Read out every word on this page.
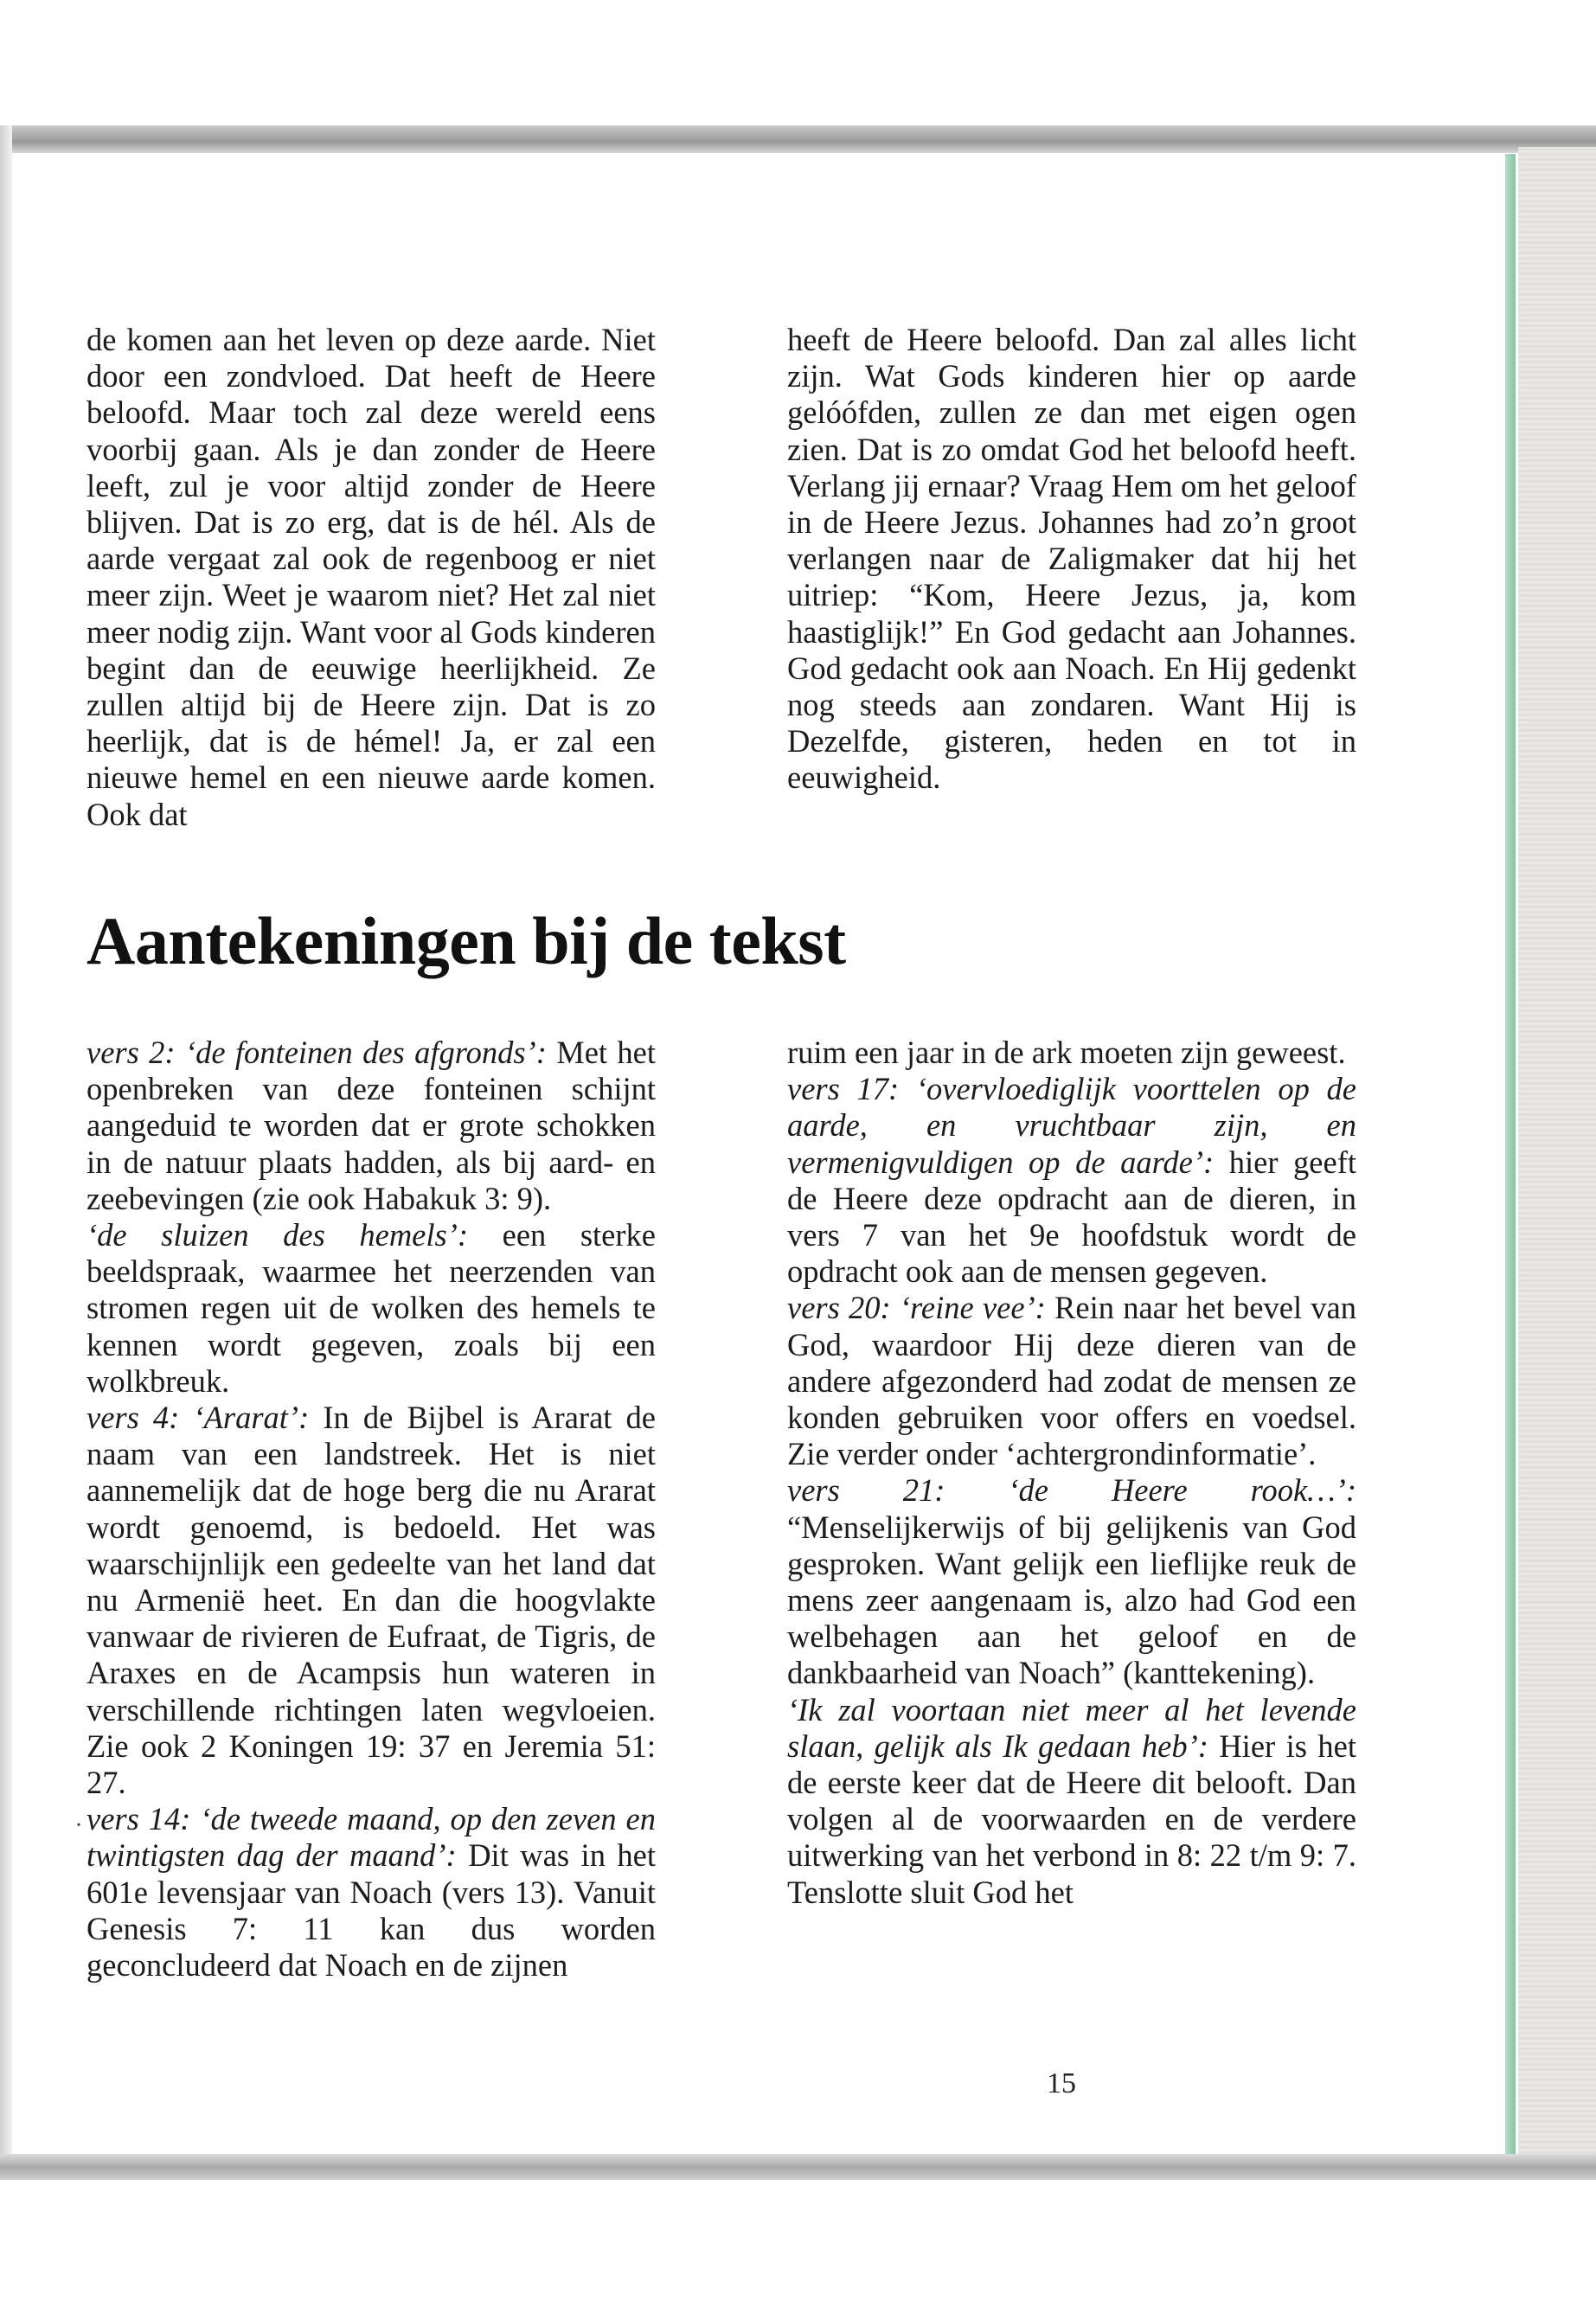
de komen aan het leven op deze aarde. Niet door een zondvloed. Dat heeft de Heere beloofd. Maar toch zal deze wereld eens voorbij gaan. Als je dan zonder de Heere leeft, zul je voor altijd zonder de Heere blijven. Dat is zo erg, dat is de hél. Als de aarde vergaat zal ook de regenboog er niet meer zijn. Weet je waarom niet? Het zal niet meer nodig zijn. Want voor al Gods kinderen begint dan de eeuwige heerlijkheid. Ze zullen altijd bij de Heere zijn. Dat is zo heerlijk, dat is de hémel! Ja, er zal een nieuwe hemel en een nieuwe aarde komen. Ook dat

heeft de Heere beloofd. Dan zal alles licht zijn. Wat Gods kinderen hier op aarde gelóófden, zullen ze dan met eigen ogen zien. Dat is zo omdat God het beloofd heeft. Verlang jij ernaar? Vraag Hem om het geloof in de Heere Jezus. Johannes had zo’n groot verlangen naar de Zaligmaker dat hij het uitriep: “Kom, Heere Jezus, ja, kom haastiglijk!” En God gedacht aan Johannes. God gedacht ook aan Noach. En Hij gedenkt nog steeds aan zondaren. Want Hij is Dezelfde, gisteren, heden en tot in eeuwigheid.

Aantekeningen bij de tekst

vers 2: ‘de fonteinen des afgronds’: Met het openbreken van deze fonteinen schijnt aangeduid te worden dat er grote schokken in de natuur plaats hadden, als bij aard- en zeebevingen (zie ook Habakuk 3: 9).

‘de sluizen des hemels’: een sterke beeldspraak, waarmee het neerzenden van stromen regen uit de wolken des hemels te kennen wordt gegeven, zoals bij een wolkbreuk.

vers 4: ‘Ararat’: In de Bijbel is Ararat de naam van een landstreek. Het is niet aannemelijk dat de hoge berg die nu Ararat wordt genoemd, is bedoeld. Het was waarschijnlijk een gedeelte van het land dat nu Armenië heet. En dan die hoogvlakte vanwaar de rivieren de Eufraat, de Tigris, de Araxes en de Acampsis hun wateren in verschillende richtingen laten wegvloeien. Zie ook 2 Koningen 19: 37 en Jeremia 51: 27.

vers 14: ‘de tweede maand, op den zeven en twintigsten dag der maand’: Dit was in het 601e levensjaar van Noach (vers 13). Vanuit Genesis 7: 11 kan dus worden geconcludeerd dat Noach en de zijnen

ruim een jaar in de ark moeten zijn geweest.

vers 17: ‘overvloediglijk voorttelen op de aarde, en vruchtbaar zijn, en vermenigvuldigen op de aarde’: hier geeft de Heere deze opdracht aan de dieren, in vers 7 van het 9e hoofdstuk wordt de opdracht ook aan de mensen gegeven.

vers 20: ‘reine vee’: Rein naar het bevel van God, waardoor Hij deze dieren van de andere afgezonderd had zodat de mensen ze konden gebruiken voor offers en voedsel. Zie verder onder ‘achtergrondinformatie’.

vers 21: ‘de Heere rook…’: “Menselijkerwijs of bij gelijkenis van God gesproken. Want gelijk een lieflijke reuk de mens zeer aangenaam is, alzo had God een welbehagen aan het geloof en de dankbaarheid van Noach” (kanttekening).

‘Ik zal voortaan niet meer al het levende slaan, gelijk als Ik gedaan heb’: Hier is het de eerste keer dat de Heere dit belooft. Dan volgen al de voorwaarden en de verdere uitwerking van het verbond in 8: 22 t/m 9: 7. Tenslotte sluit God het

·
15
